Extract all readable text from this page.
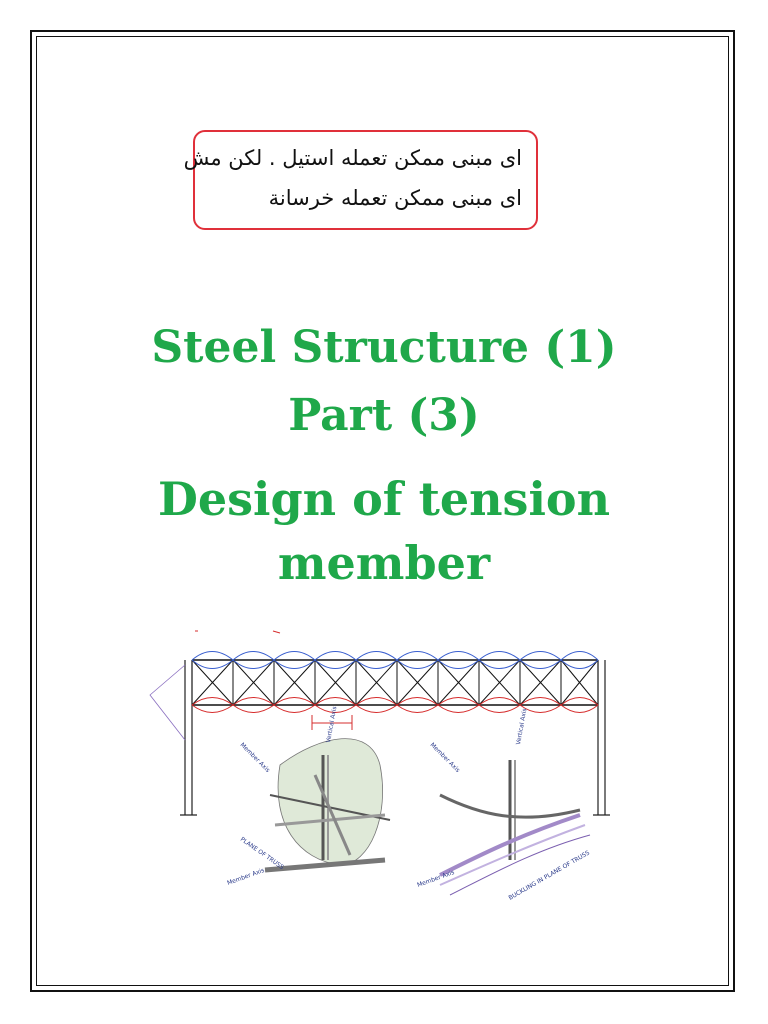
ای مبنی ممکن تعمله استیل . لکن مش
ای مبنی ممکن تعمله خرسانة
Steel Structure (1)
Part (3)
Design of tension
member
Member Axis
Vertical Axis
PLANE OF TRUSS
Member Axis
Member Axis
Vertical Axis
Member Axis	BUCKLING IN PLANE OF TRUSS
